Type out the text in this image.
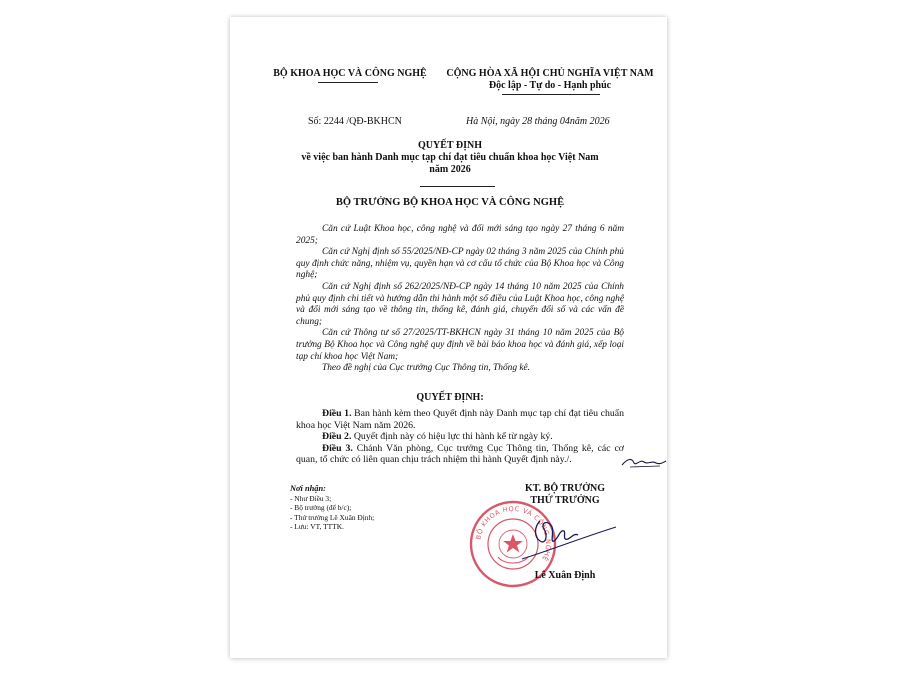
BỘ KHOA HỌC VÀ CÔNG NGHỆ	CỘNG HÒA XÃ HỘI CHỦ NGHĨA VIỆT NAM
Độc lập - Tự do - Hạnh phúc
Số: 2244 /QĐ-BKHCN	Hà Nội, ngày 28 tháng 04năm 2026
QUYẾT ĐỊNH
về việc ban hành Danh mục tạp chí đạt tiêu chuẩn khoa học Việt Nam
năm 2026
BỘ TRƯỞNG BỘ KHOA HỌC VÀ CÔNG NGHỆ

Căn cứ Luật Khoa học, công nghệ và đổi mới sáng tạo ngày 27 tháng 6 năm 2025;

Căn cứ Nghị định số 55/2025/NĐ-CP ngày 02 tháng 3 năm 2025 của Chính phủ quy định chức năng, nhiệm vụ, quyền hạn và cơ cấu tổ chức của Bộ Khoa học và Công nghệ;

Căn cứ Nghị định số 262/2025/NĐ-CP ngày 14 tháng 10 năm 2025 của Chính phủ quy định chi tiết và hướng dẫn thi hành một số điều của Luật Khoa học, công nghệ và đổi mới sáng tạo về thông tin, thống kê, đánh giá, chuyển đổi số và các vấn đề chung;

Căn cứ Thông tư số 27/2025/TT-BKHCN ngày 31 tháng 10 năm 2025 của Bộ trưởng Bộ Khoa học và Công nghệ quy định về bài báo khoa học và đánh giá, xếp loại tạp chí khoa học Việt Nam;

Theo đề nghị của Cục trưởng Cục Thông tin, Thống kê.

QUYẾT ĐỊNH:

Điều 1. Ban hành kèm theo Quyết định này Danh mục tạp chí đạt tiêu chuẩn khoa học Việt Nam năm 2026.

Điều 2. Quyết định này có hiệu lực thi hành kể từ ngày ký.

Điều 3. Chánh Văn phòng, Cục trưởng Cục Thông tin, Thống kê, các cơ quan, tổ chức có liên quan chịu trách nhiệm thi hành Quyết định này./.

Nơi nhận:
- Như Điều 3;
- Bộ trưởng (để b/c);
- Thứ trưởng Lê Xuân Định;
- Lưu: VT, TTTK.
KT. BỘ TRƯỞNG
THỨ TRƯỞNG
BỘ KHOA HỌC VÀ CÔNG NGHỆ
Lê Xuân Định
